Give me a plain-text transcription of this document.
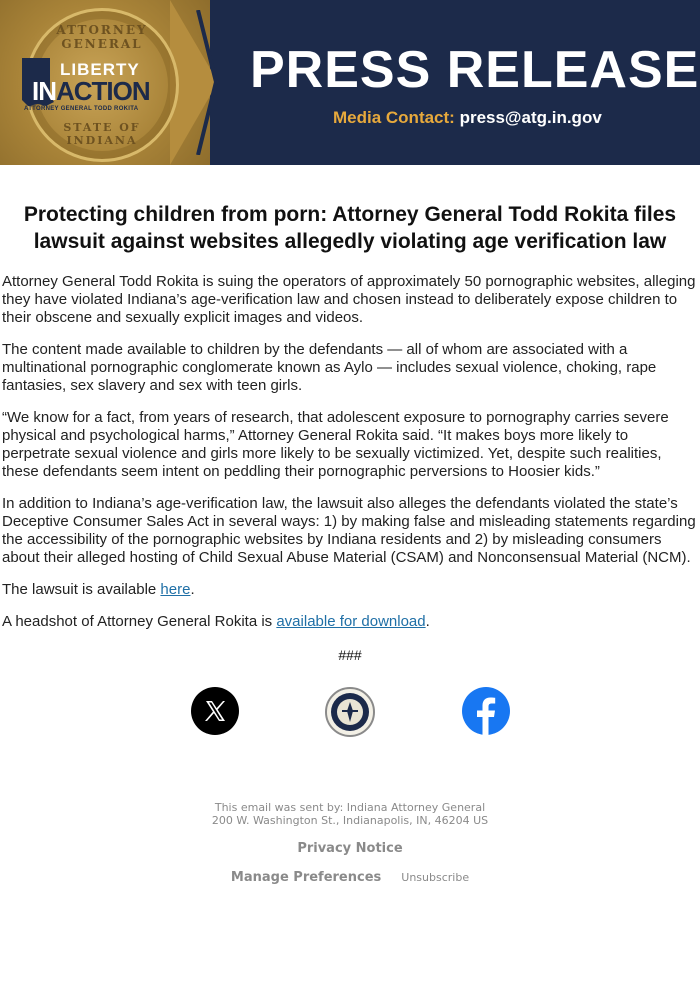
ATTORNEY GENERAL
STATE OF INDIANA
LIBERTY
INACTION
ATTORNEY GENERAL TODD ROKITA
PRESS RELEASE
Media Contact: press@atg.in.gov
Protecting children from porn: Attorney General Todd Rokita files lawsuit against websites allegedly violating age verification law

Attorney General Todd Rokita is suing the operators of approximately 50 pornographic websites, alleging they have violated Indiana’s age-verification law and chosen instead to deliberately expose children to their obscene and sexually explicit images and videos.

The content made available to children by the defendants — all of whom are associated with a multinational pornographic conglomerate known as Aylo — includes sexual violence, choking, rape fantasies, sex slavery and sex with teen girls.

“We know for a fact, from years of research, that adolescent exposure to pornography carries severe physical and psychological harms,” Attorney General Rokita said. “It makes boys more likely to perpetrate sexual violence and girls more likely to be sexually victimized. Yet, despite such realities, these defendants seem intent on peddling their pornographic perversions to Hoosier kids.”

In addition to Indiana’s age-verification law, the lawsuit also alleges the defendants violated the state’s Deceptive Consumer Sales Act in several ways: 1) by making false and misleading statements regarding the accessibility of the pornographic websites by Indiana residents and 2) by misleading consumers about their alleged hosting of Child Sexual Abuse Material (CSAM) and Nonconsensual Material (NCM).

The lawsuit is available here.

A headshot of Attorney General Rokita is available for download.

###
This email was sent by: Indiana Attorney General
200 W. Washington St., Indianapolis, IN, 46204 US
Privacy Notice
Manage Preferences Unsubscribe
